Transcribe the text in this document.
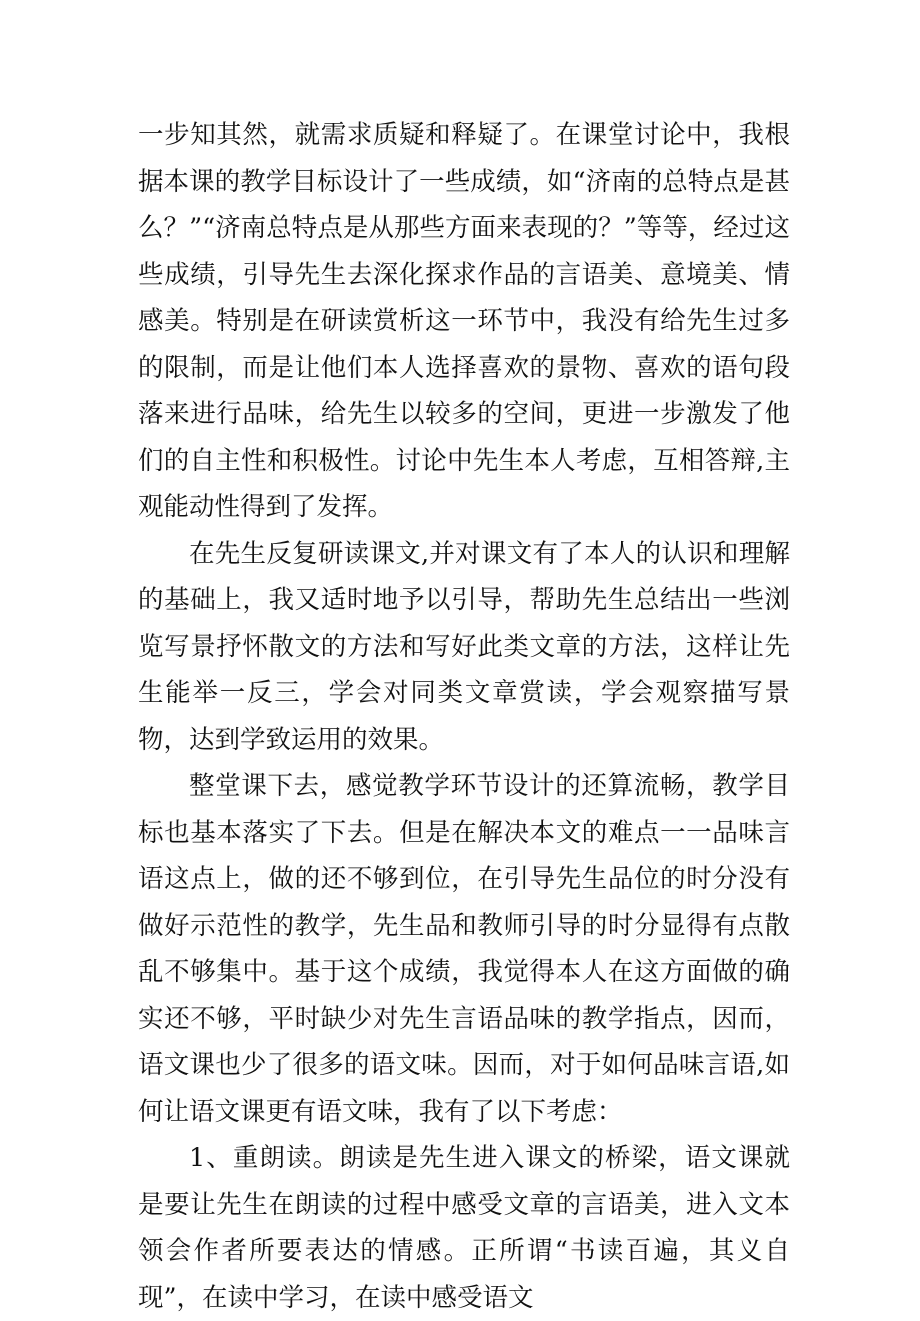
一步知其然，就需求质疑和释疑了。在课堂讨论中，我根据本课的教学目标设计了一些成绩，如“济南的总特点是甚么？”“济南总特点是从那些方面来表现的？”等等，经过这些成绩，引导先生去深化探求作品的言语美、意境美、情感美。特别是在研读赏析这一环节中，我没有给先生过多的限制，而是让他们本人选择喜欢的景物、喜欢的语句段落来进行品味，给先生以较多的空间，更进一步激发了他们的自主性和积极性。讨论中先生本人考虑，互相答辩,主观能动性得到了发挥。

在先生反复研读课文,并对课文有了本人的认识和理解的基础上，我又适时地予以引导，帮助先生总结出一些浏览写景抒怀散文的方法和写好此类文章的方法，这样让先生能举一反三，学会对同类文章赏读，学会观察描写景物，达到学致运用的效果。

整堂课下去，感觉教学环节设计的还算流畅，教学目标也基本落实了下去。但是在解决本文的难点一一品味言语这点上，做的还不够到位，在引导先生品位的时分没有做好示范性的教学，先生品和教师引导的时分显得有点散乱不够集中。基于这个成绩，我觉得本人在这方面做的确实还不够，平时缺少对先生言语品味的教学指点，因而，语文课也少了很多的语文味。因而，对于如何品味言语,如何让语文课更有语文味，我有了以下考虑：

1、重朗读。朗读是先生进入课文的桥梁，语文课就是要让先生在朗读的过程中感受文章的言语美，进入文本领会作者所要表达的情感。正所谓“书读百遍，其义自现”，在读中学习，在读中感受语文
